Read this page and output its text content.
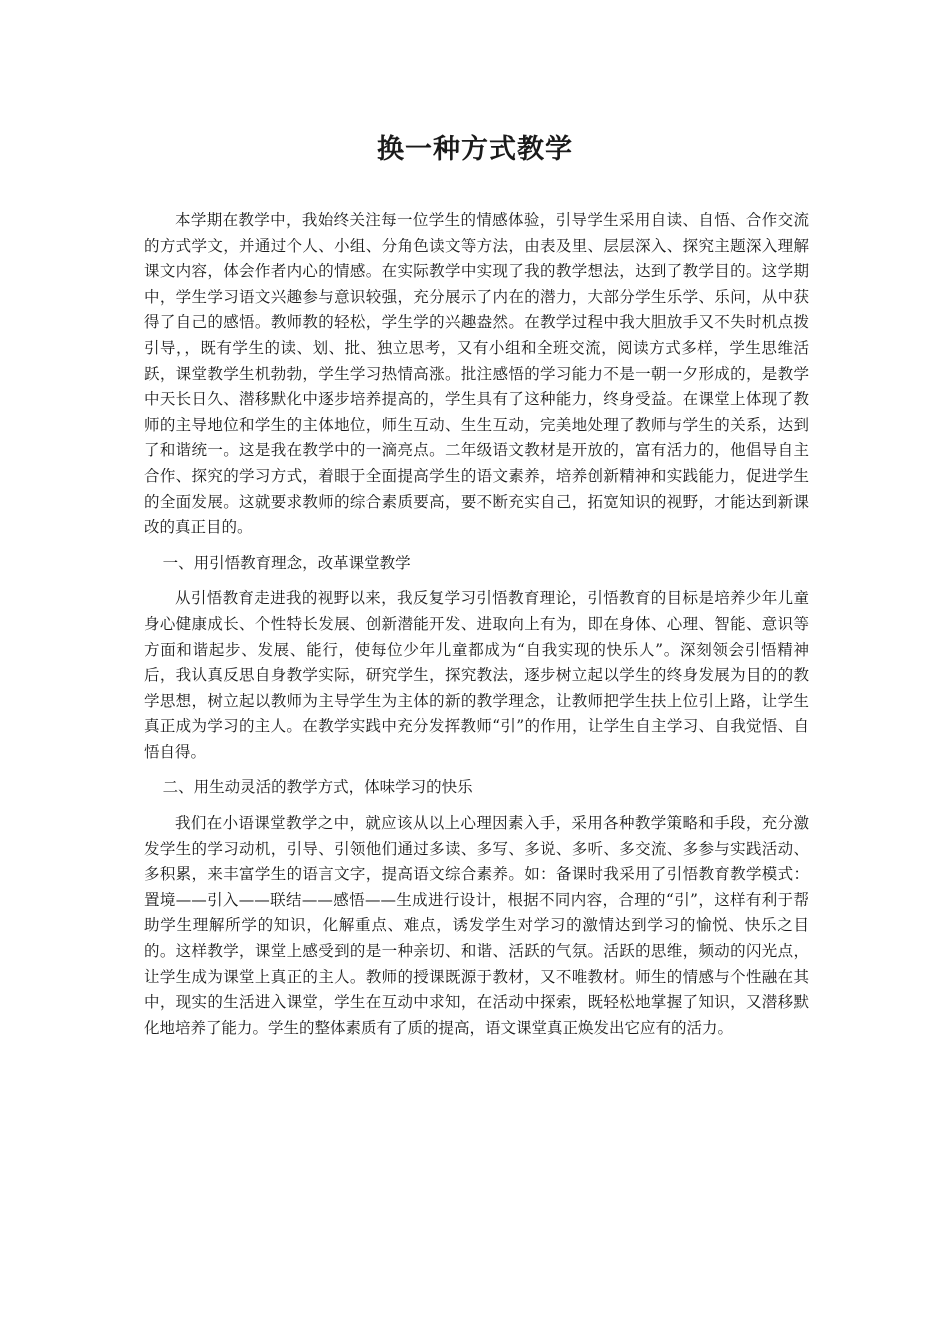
换一种方式教学

本学期在教学中，我始终关注每一位学生的情感体验，引导学生采用自读、自悟、合作交流的方式学文，并通过个人、小组、分角色读文等方法，由表及里、层层深入、探究主题深入理解课文内容，体会作者内心的情感。在实际教学中实现了我的教学想法，达到了教学目的。这学期中，学生学习语文兴趣参与意识较强，充分展示了内在的潜力，大部分学生乐学、乐问，从中获得了自己的感悟。教师教的轻松，学生学的兴趣盎然。在教学过程中我大胆放手又不失时机点拨引导，，既有学生的读、划、批、独立思考，又有小组和全班交流，阅读方式多样，学生思维活跃，课堂教学生机勃勃，学生学习热情高涨。批注感悟的学习能力不是一朝一夕形成的，是教学中天长日久、潜移默化中逐步培养提高的，学生具有了这种能力，终身受益。在课堂上体现了教师的主导地位和学生的主体地位，师生互动、生生互动，完美地处理了教师与学生的关系，达到了和谐统一。这是我在教学中的一滴亮点。二年级语文教材是开放的，富有活力的，他倡导自主合作、探究的学习方式，着眼于全面提高学生的语文素养，培养创新精神和实践能力，促进学生的全面发展。这就要求教师的综合素质要高，要不断充实自己，拓宽知识的视野，才能达到新课改的真正目的。

一、用引悟教育理念，改革课堂教学

从引悟教育走进我的视野以来，我反复学习引悟教育理论，引悟教育的目标是培养少年儿童身心健康成长、个性特长发展、创新潜能开发、进取向上有为，即在身体、心理、智能、意识等方面和谐起步、发展、能行，使每位少年儿童都成为“自我实现的快乐人”。深刻领会引悟精神后，我认真反思自身教学实际，研究学生，探究教法，逐步树立起以学生的终身发展为目的的教学思想，树立起以教师为主导学生为主体的新的教学理念，让教师把学生扶上位引上路，让学生真正成为学习的主人。在教学实践中充分发挥教师“引”的作用，让学生自主学习、自我觉悟、自悟自得。

二、用生动灵活的教学方式，体味学习的快乐

我们在小语课堂教学之中，就应该从以上心理因素入手，采用各种教学策略和手段，充分激发学生的学习动机，引导、引领他们通过多读、多写、多说、多听、多交流、多参与实践活动、多积累，来丰富学生的语言文字，提高语文综合素养。如：备课时我采用了引悟教育教学模式：置境——引入——联结——感悟——生成进行设计，根据不同内容，合理的“引”，这样有利于帮助学生理解所学的知识，化解重点、难点，诱发学生对学习的激情达到学习的愉悦、快乐之目的。这样教学，课堂上感受到的是一种亲切、和谐、活跃的气氛。活跃的思维，频动的闪光点，让学生成为课堂上真正的主人。教师的授课既源于教材，又不唯教材。师生的情感与个性融在其中，现实的生活进入课堂，学生在互动中求知，在活动中探索，既轻松地掌握了知识，又潜移默化地培养了能力。学生的整体素质有了质的提高，语文课堂真正焕发出它应有的活力。
